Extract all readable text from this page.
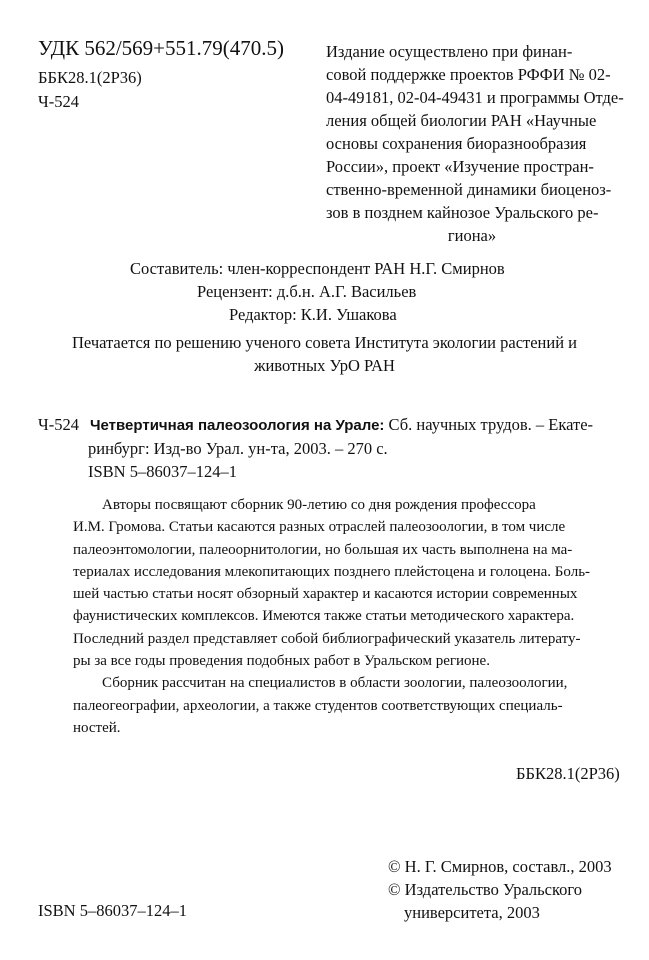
УДК 562/569+551.79(470.5)
ББК28.1(2Р36)
Ч-524
Издание осуществлено при финан-
совой поддержке проектов РФФИ № 02-
04-49181, 02-04-49431 и программы Отде-
ления общей биологии РАН «Научные
основы сохранения биоразнообразия
России», проект «Изучение простран-
ственно-временной динамики биоценоз-
зов в позднем кайнозое Уральского ре-
гиона»
Составитель: член-корреспондент РАН Н.Г. Смирнов
Рецензент: д.б.н. А.Г. Васильев
Редактор: К.И. Ушакова
Печатается по решению ученого совета Института экологии растений и
животных УрО РАН
Ч-524 Четвертичная палеозоология на Урале: Сб. научных трудов. – Екате-
ринбург: Изд-во Урал. ун-та, 2003. – 270 с.
ISBN 5–86037–124–1
Авторы посвящают сборник 90-летию со дня рождения профессора
И.М. Громова. Статьи касаются разных отраслей палеозоологии, в том числе
палеоэнтомологии, палеоорнитологии, но большая их часть выполнена на ма-
териалах исследования млекопитающих позднего плейстоцена и голоцена. Боль-
шей частью статьи носят обзорный характер и касаются истории современных
фаунистических комплексов. Имеются также статьи методического характера.
Последний раздел представляет собой библиографический указатель литерату-
ры за все годы проведения подобных работ в Уральском регионе.
Сборник рассчитан на специалистов в области зоологии, палеозоологии,
палеогеографии, археологии, а также студентов соответствующих специаль-
ностей.
ББК28.1(2Р36)
© Н. Г. Смирнов, составл., 2003
© Издательство Уральского
университета, 2003
ISBN 5–86037–124–1
